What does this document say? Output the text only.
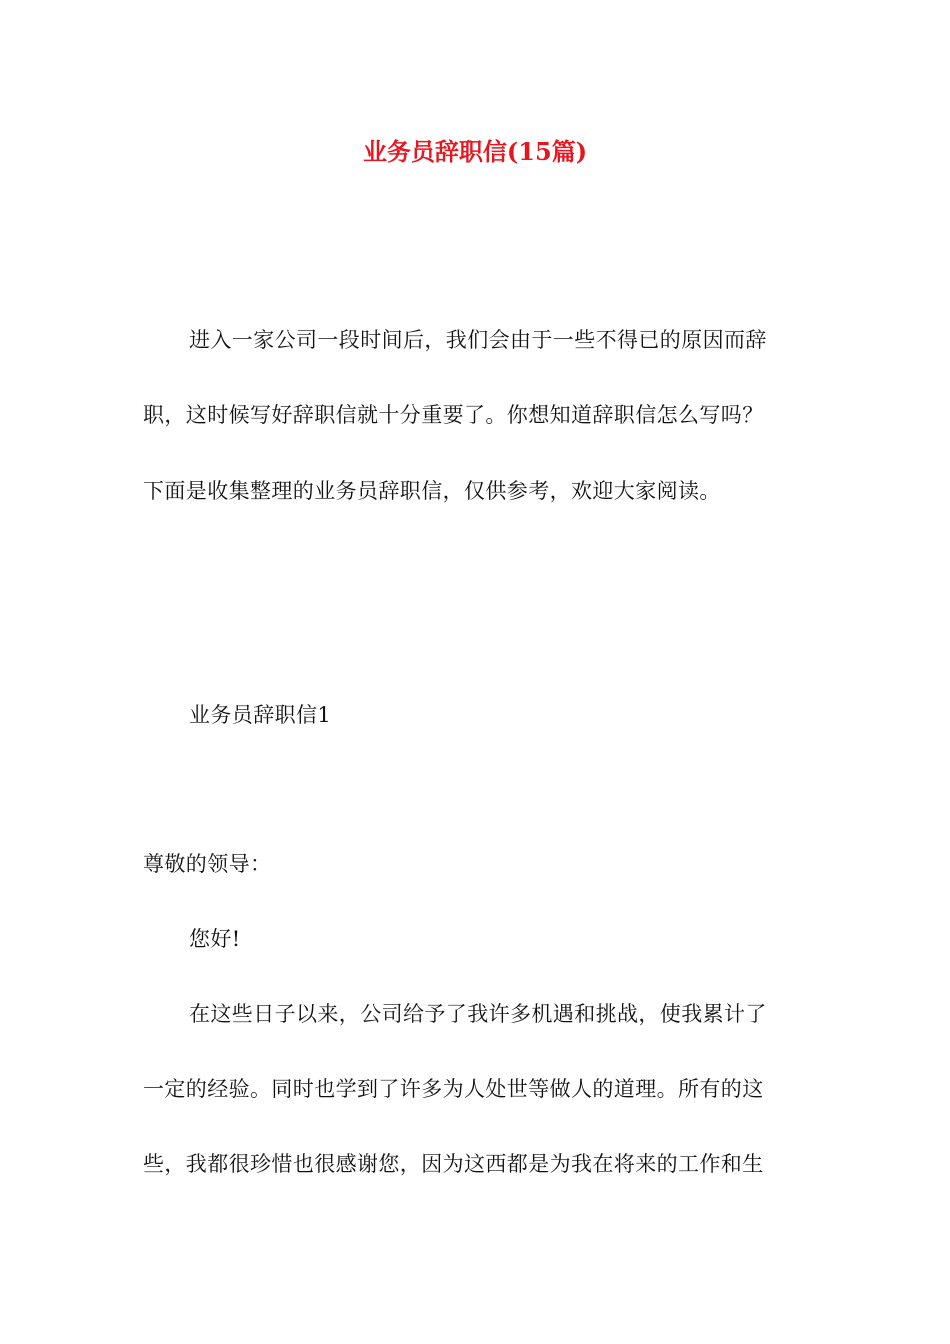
业务员辞职信(15篇)
进入一家公司一段时间后，我们会由于一些不得已的原因而辞
职，这时候写好辞职信就十分重要了。你想知道辞职信怎么写吗？
下面是收集整理的业务员辞职信，仅供参考，欢迎大家阅读。
业务员辞职信1
尊敬的领导：
您好!
在这些日子以来，公司给予了我许多机遇和挑战，使我累计了
一定的经验。同时也学到了许多为人处世等做人的道理。所有的这
些，我都很珍惜也很感谢您，因为这西都是为我在将来的工作和生
